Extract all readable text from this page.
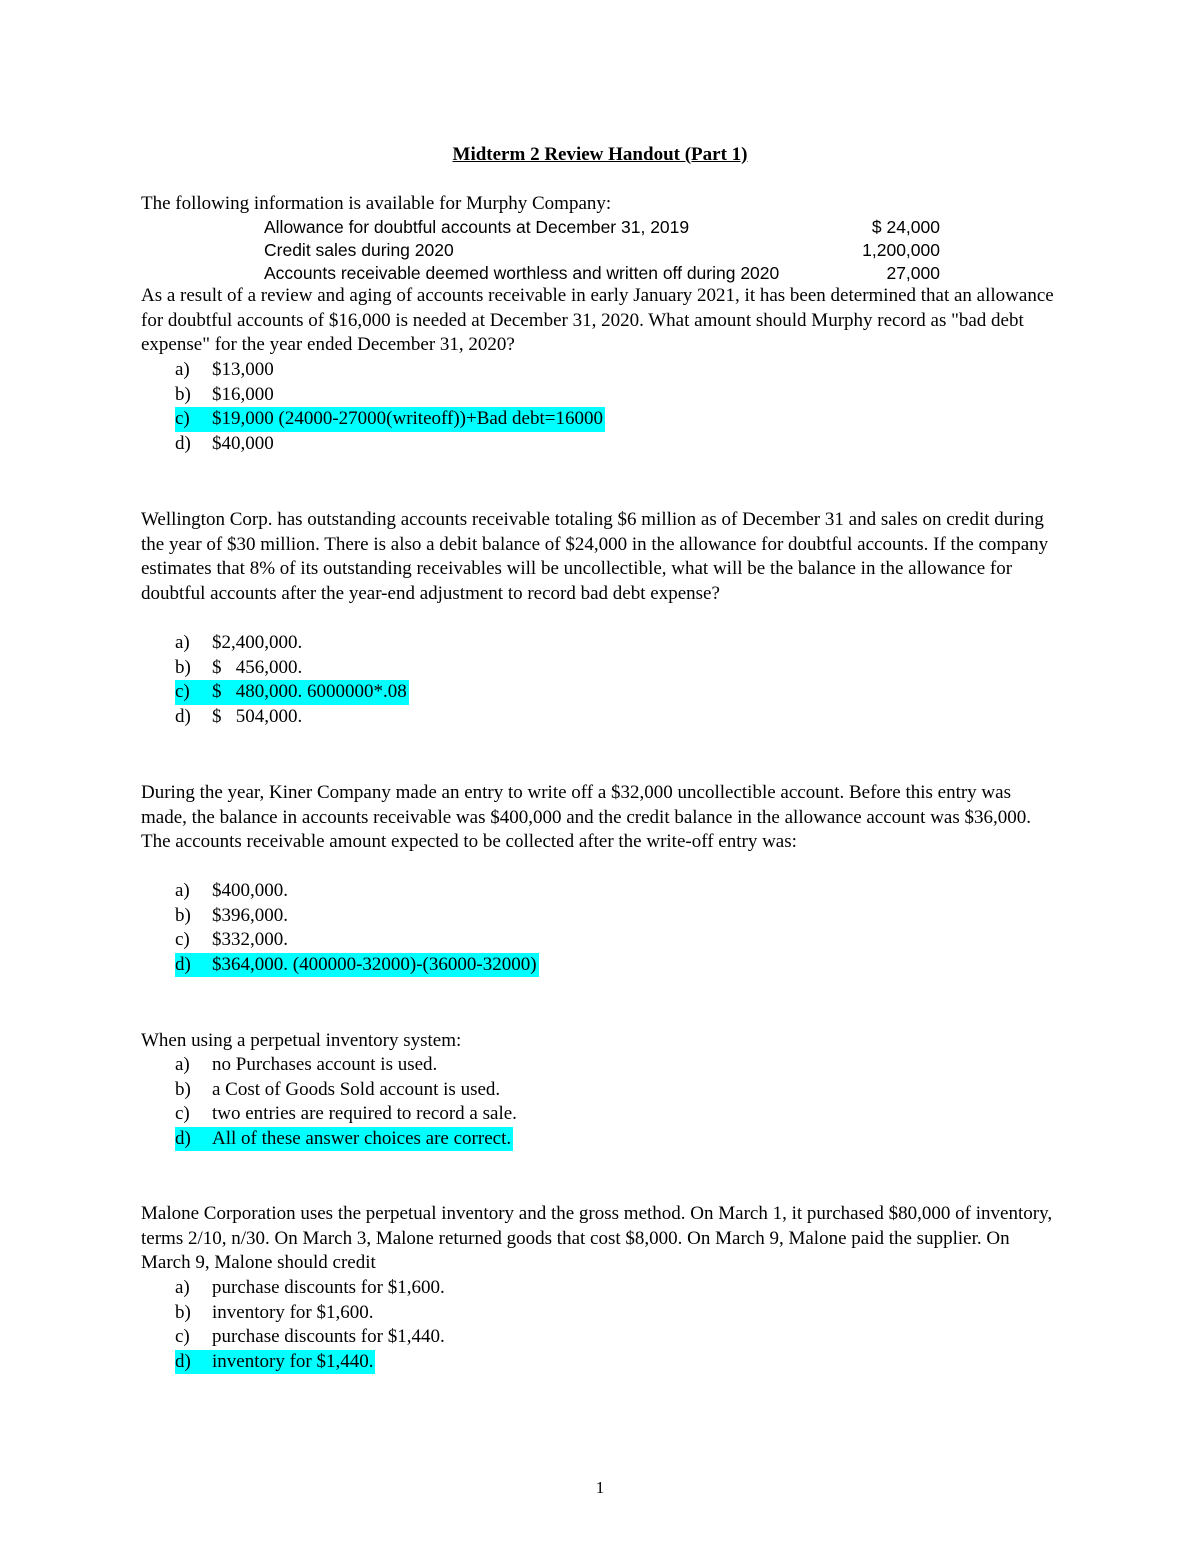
Midterm 2 Review Handout (Part 1)

The following information is available for Murphy Company:

Allowance for doubtful accounts at December 31, 2019	$ 24,000
Credit sales during 2020	1,200,000
Accounts receivable deemed worthless and written off during 2020	27,000

As a result of a review and aging of accounts receivable in early January 2021, it has been determined that an allowance for doubtful accounts of $16,000 is needed at December 31, 2020. What amount should Murphy record as "bad debt expense" for the year ended December 31, 2020?

a) $13,000
b) $16,000
c) $19,000 (24000-27000(writeoff))+Bad debt=16000
d) $40,000

Wellington Corp. has outstanding accounts receivable totaling $6 million as of December 31 and sales on credit during the year of $30 million. There is also a debit balance of $24,000 in the allowance for doubtful accounts. If the company estimates that 8% of its outstanding receivables will be uncollectible, what will be the balance in the allowance for doubtful accounts after the year-end adjustment to record bad debt expense?

a) $2,400,000.
b) $   456,000.
c) $   480,000. 6000000*.08
d) $   504,000.

During the year, Kiner Company made an entry to write off a $32,000 uncollectible account. Before this entry was made, the balance in accounts receivable was $400,000 and the credit balance in the allowance account was $36,000. The accounts receivable amount expected to be collected after the write-off entry was:

a) $400,000.
b) $396,000.
c) $332,000.
d) $364,000. (400000-32000)-(36000-32000)

When using a perpetual inventory system:

a) no Purchases account is used.
b) a Cost of Goods Sold account is used.
c) two entries are required to record a sale.
d) All of these answer choices are correct.

Malone Corporation uses the perpetual inventory and the gross method. On March 1, it purchased $80,000 of inventory, terms 2/10, n/30. On March 3, Malone returned goods that cost $8,000. On March 9, Malone paid the supplier. On March 9, Malone should credit

a) purchase discounts for $1,600.
b) inventory for $1,600.
c) purchase discounts for $1,440.
d) inventory for $1,440.
1
